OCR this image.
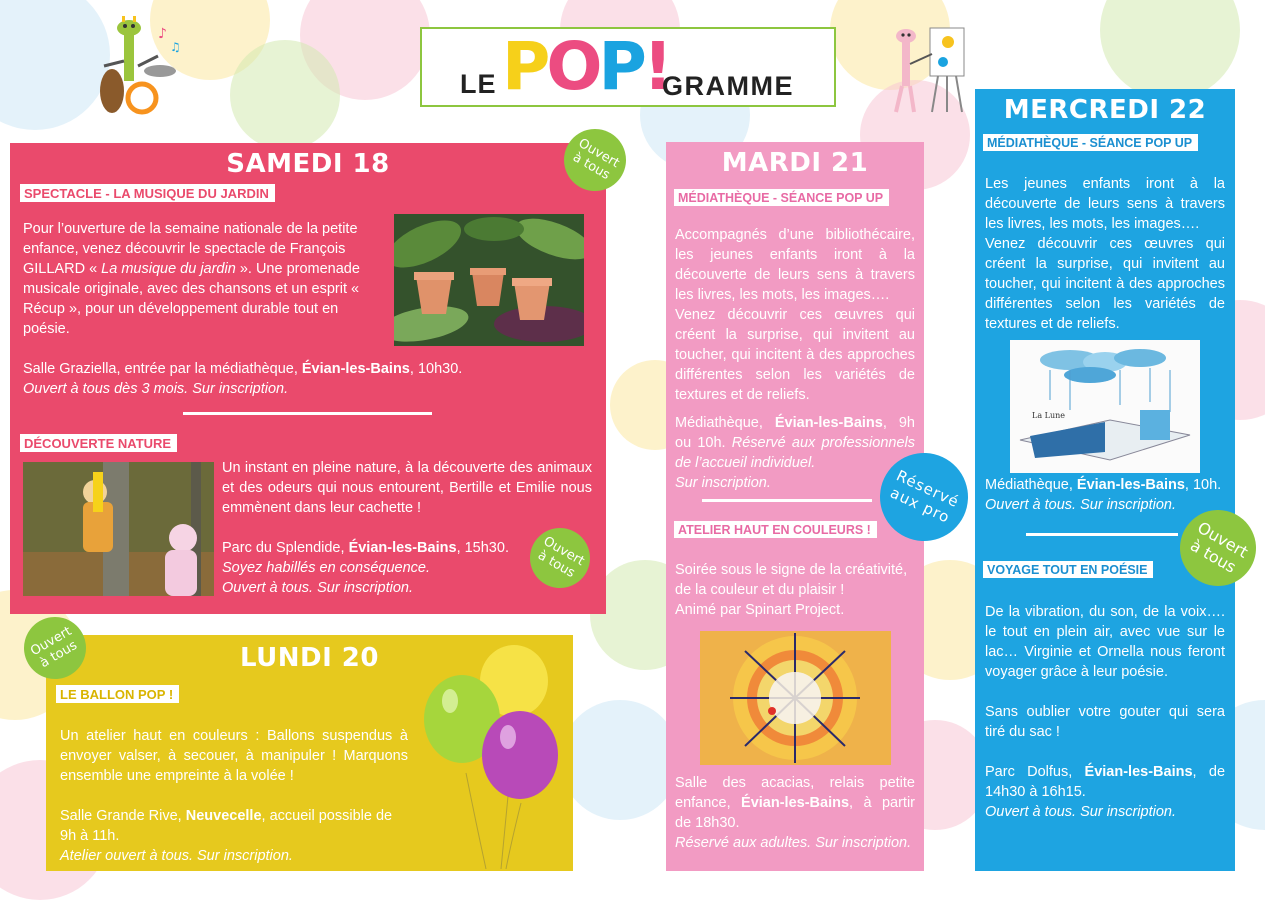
♪
♫
LE POP!
GRAMME
SAMEDI 18
SPECTACLE - LA MUSIQUE DU JARDIN
Pour l’ouverture de la semaine nationale de la petite enfance, venez découvrir le spectacle de François GILLARD « La musique du jardin ». Une promenade musicale originale, avec des chansons et un esprit « Récup », pour un développement durable tout en poésie.
Salle Graziella, entrée par la médiathèque, Évian-les-Bains, 10h30.
Ouvert à tous dès 3 mois. Sur inscription.
DÉCOUVERTE NATURE
Un instant en pleine nature, à la découverte des animaux et des odeurs qui nous entourent, Bertille et Emilie nous emmènent dans leur cachette !
Parc du Splendide, Évian-les-Bains, 15h30.
Soyez habillés en conséquence.
Ouvert à tous. Sur inscription.
Ouvert à tous
Ouvert à tous
LUNDI 20
LE BALLON POP !
Un atelier haut en couleurs : Ballons suspendus à envoyer valser, à secouer, à manipuler ! Marquons ensemble une empreinte à la volée !
Salle Grande Rive, Neuvecelle, accueil possible de 9h à 11h.
Atelier ouvert à tous. Sur inscription.
Ouvert à tous
MARDI 21
MÉDIATHÈQUE - SÉANCE POP UP
Accompagnés d’une bibliothécaire, les jeunes enfants iront à la découverte de leurs sens à travers les livres, les mots, les images….
Venez découvrir ces œuvres qui créent la surprise, qui invitent au toucher, qui incitent à des approches différentes selon les variétés de textures et de reliefs.
Médiathèque, Évian-les-Bains, 9h ou 10h. Réservé aux professionnels de l’accueil individuel.
Sur inscription.
ATELIER HAUT EN COULEURS !
Soirée sous le signe de la créativité, de la couleur et du plaisir !
Animé par Spinart Project.
Salle des acacias, relais petite enfance, Évian-les-Bains, à partir de 18h30.
Réservé aux adultes. Sur inscription.
Réservé aux pro
MERCREDI 22
MÉDIATHÈQUE - SÉANCE POP UP
Les jeunes enfants iront à la découverte de leurs sens à travers les livres, les mots, les images….
Venez découvrir ces œuvres qui créent la surprise, qui invitent au toucher, qui incitent à des approches différentes selon les variétés de textures et de reliefs.
La Lune
Médiathèque, Évian-les-Bains, 10h.
Ouvert à tous. Sur inscription.
VOYAGE TOUT EN POÉSIE
De la vibration, du son, de la voix…. le tout en plein air, avec vue sur le lac… Virginie et Ornella nous feront voyager grâce à leur poésie.
Sans oublier votre gouter qui sera tiré du sac !
Parc Dolfus, Évian-les-Bains, de 14h30 à 16h15.
Ouvert à tous. Sur inscription.
Ouvert à tous
